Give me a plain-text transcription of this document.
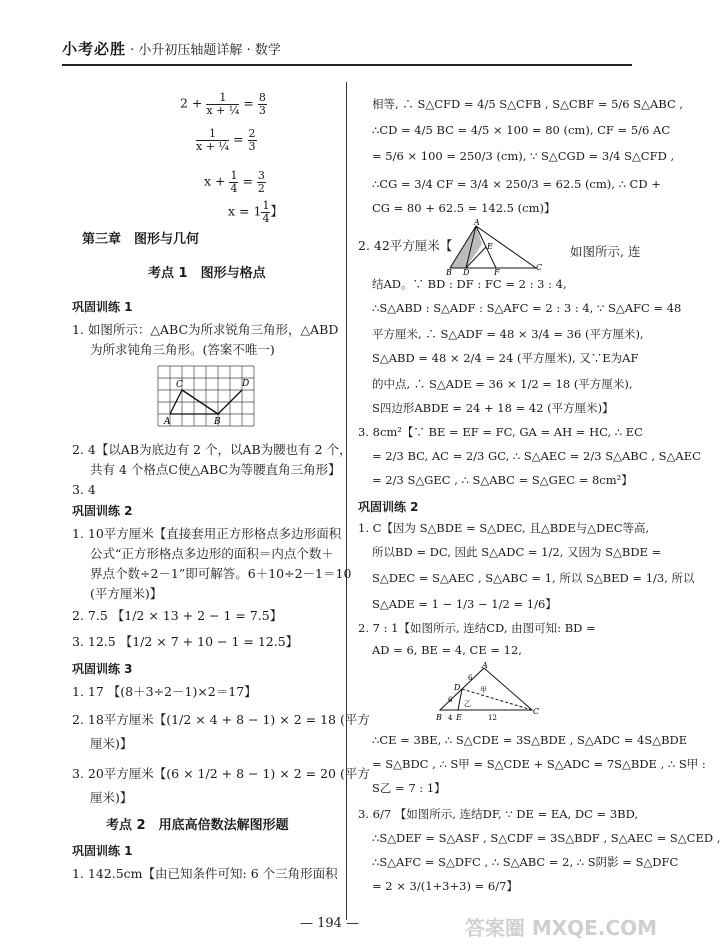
小考必胜 · 小升初压轴题详解 · 数学
$2 + \frac{1}{\text{x + ¼}} = \frac{8}{3}$
$\frac{1}{\text{x + ¼}} = \frac{2}{3}$
$x + \frac{1}{4} = \frac{3}{2}$
$x = 1 \frac{1}{4}$ 】
第三章　图形与几何
考点 1　图形与格点
巩固训练 1
1. 如图所示：△ABC为所求锐角三角形，△ABD
为所求钝角三角形。(答案不唯一)
C	D
A	B
2. 4【以AB为底边有 2 个，以AB为腰也有 2 个，
共有 4 个格点C使△ABC为等腰直角三角形】
3. 4
巩固训练 2
1. 10平方厘米【直接套用正方形格点多边形面积
公式“正方形格点多边形的面积＝内点个数＋
界点个数÷2－1”即可解答。6＋10÷2－1＝10
(平方厘米)】
2. 7.5 【1/2 × 13 + 2 − 1 = 7.5】
3. 12.5 【1/2 × 7 + 10 − 1 = 12.5】
巩固训练 3
1. 17 【(8＋3÷2－1)×2＝17】
2. 18平方厘米【(1/2 × 4 + 8 − 1) × 2 = 18 (平方
厘米)】
3. 20平方厘米【(6 × 1/2 + 8 − 1) × 2 = 20 (平方
厘米)】
考点 2　用底高倍数法解图形题
巩固训练 1
1. 142.5cm【由已知条件可知: 6 个三角形面积
相等, ∴ S△CFD = 4/5 S△CFB , S△CBF = 5/6 S△ABC ,
∴CD = 4/5 BC = 4/5 × 100 = 80 (cm), CF = 5/6 AC
= 5/6 × 100 = 250/3 (cm), ∵ S△CGD = 3/4 S△CFD ,
∴CG = 3/4 CF = 3/4 × 250/3 = 62.5 (cm), ∴ CD +
CG = 80 + 62.5 = 142.5 (cm)】
2. 42平方厘米【
A
B D
E
F
C
如图所示, 连
结AD。∵ BD : DF : FC = 2 : 3 : 4,
∴S△ABD : S△ADF : S△AFC = 2 : 3 : 4, ∵ S△AFC = 48
平方厘米, ∴ S△ADF = 48 × 3/4 = 36 (平方厘米),
S△ABD = 48 × 2/4 = 24 (平方厘米), 又∵E为AF
的中点, ∴ S△ADE = 36 × 1/2 = 18 (平方厘米),
S四边形ABDE = 24 + 18 = 42 (平方厘米)】
3. 8cm²【∵ BE = EF = FC, GA = AH = HC, ∴ EC
= 2/3 BC, AC = 2/3 GC, ∴ S△AEC = 2/3 S△ABC , S△AEC
= 2/3 S△GEC , ∴ S△ABC = S△GEC = 8cm²】
巩固训练 2
1. C【因为 S△BDE = S△DEC, 且△BDE与△DEC等高,
所以BD = DC, 因此 S△ADC = 1/2, 又因为 S△BDE =
S△DEC = S△AEC , S△ABC = 1, 所以 S△BED = 1/3, 所以
S△ADE = 1 − 1/3 − 1/2 = 1/6】
2. 7 : 1【如图所示, 连结CD, 由图可知: BD =
AD = 6, BE = 4, CE = 12,
A
D
6
6
甲
乙
B 4 E	12
C
∴CE = 3BE, ∴ S△CDE = 3S△BDE , S△ADC = 4S△BDE
= S△BDC , ∴ S甲 = S△CDE + S△ADC = 7S△BDE , ∴ S甲 :
S乙 = 7 : 1】
3. 6/7 【如图所示, 连结DF, ∵ DE = EA, DC = 3BD,
∴S△DEF = S△ASF , S△CDF = 3S△BDF , S△AEC = S△CED ,
∴S△AFC = S△DFC , ∴ S△ABC = 2, ∴ S阴影 = S△DFC
= 2 × 3/(1+3+3) = 6/7】
— 194 —	答案圈 MXQE.COM
